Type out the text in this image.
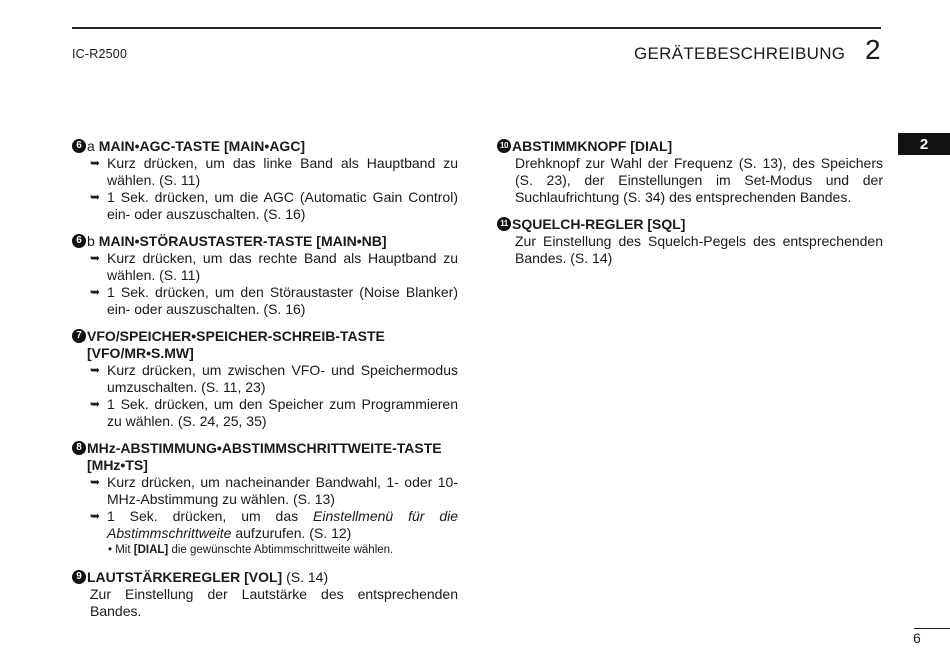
IC-R2500	GERÄTEBESCHREIBUNG 2
2
6 a MAIN•AGC-TASTE [MAIN•AGC]
➥ Kurz drücken, um das linke Band als Hauptband zu wählen. (S. 11)
➥ 1 Sek. drücken, um die AGC (Automatic Gain Control) ein- oder auszuschalten. (S. 16)
6 b MAIN•STÖRAUSTASTER-TASTE [MAIN•NB]
➥ Kurz drücken, um das rechte Band als Hauptband zu wählen. (S. 11)
➥ 1 Sek. drücken, um den Störaustaster (Noise Blanker) ein- oder auszuschalten. (S. 16)
7 VFO/SPEICHER•SPEICHER-SCHREIB-TASTE [VFO/MR•S.MW]
➥ Kurz drücken, um zwischen VFO- und Speichermodus umzuschalten. (S. 11, 23)
➥ 1 Sek. drücken, um den Speicher zum Programmieren zu wählen. (S. 24, 25, 35)
8 MHz-ABSTIMMUNG•ABSTIMMSCHRITTWEITE-TASTE [MHz•TS]
➥ Kurz drücken, um nacheinander Bandwahl, 1- oder 10-MHz-Abstimmung zu wählen. (S. 13)
➥ 1 Sek. drücken, um das Einstellmenü für die Abstimmschrittweite aufzurufen. (S. 12)
• Mit [DIAL] die gewünschte Abtimmschrittweite wählen.
9 LAUTSTÄRKEREGLER [VOL] (S. 14)
Zur Einstellung der Lautstärke des entsprechenden Bandes.
10 ABSTIMMKNOPF [DIAL]
Drehknopf zur Wahl der Frequenz (S. 13), des Speichers (S. 23), der Einstellungen im Set-Modus und der Suchlaufrichtung (S. 34) des entsprechenden Bandes.
11 SQUELCH-REGLER [SQL]
Zur Einstellung des Squelch-Pegels des entsprechenden Bandes. (S. 14)
6
